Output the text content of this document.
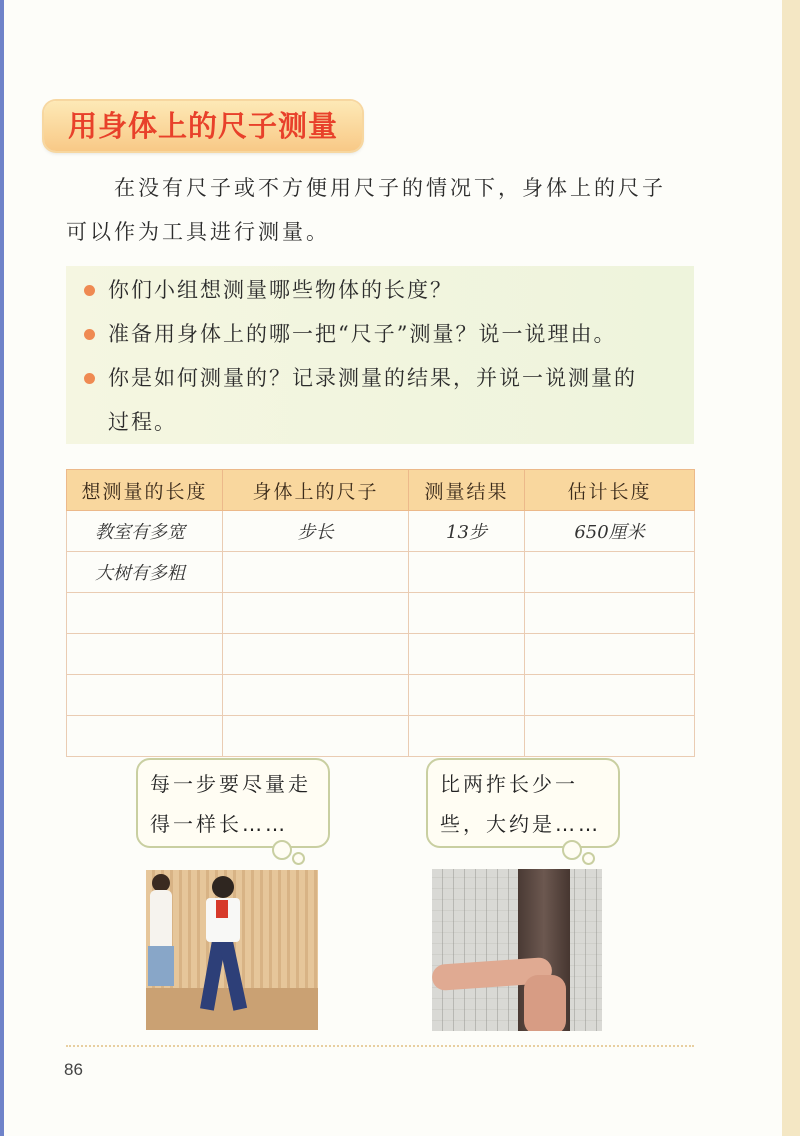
用身体上的尺子测量

在没有尺子或不方便用尺子的情况下，身体上的尺子

可以作为工具进行测量。

你们小组想测量哪些物体的长度？
准备用身体上的哪一把“尺子”测量？说一说理由。
你是如何测量的？记录测量的结果，并说一说测量的
过程。
想测量的长度	身体上的尺子	测量结果	估计长度
教室有多宽	步长	13步	650厘米
大树有多粗			

每一步要尽量走
得一样长……
比两拃长少一
些，大约是……
86
